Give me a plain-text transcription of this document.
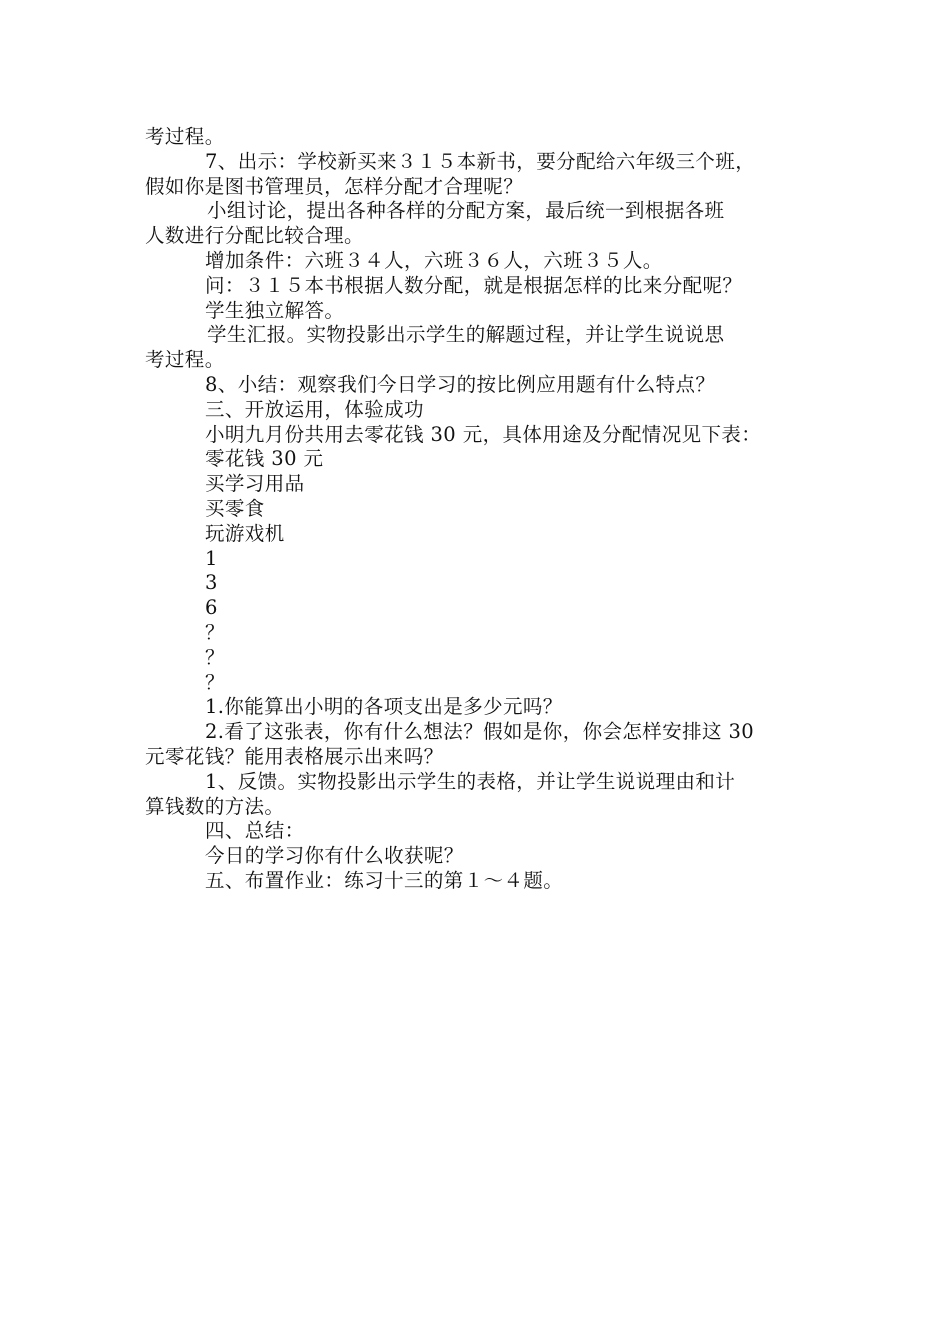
考过程。
7、出示：学校新买来３１５本新书，要分配给六年级三个班，
假如你是图书管理员，怎样分配才合理呢？
小组讨论，提出各种各样的分配方案，最后统一到根据各班
人数进行分配比较合理。
增加条件：六班３４人，六班３６人，六班３５人。
问：３１５本书根据人数分配，就是根据怎样的比来分配呢？
学生独立解答。
学生汇报。实物投影出示学生的解题过程，并让学生说说思
考过程。
8、小结：观察我们今日学习的按比例应用题有什么特点？
三、开放运用，体验成功
小明九月份共用去零花钱 30 元，具体用途及分配情况见下表：
零花钱 30 元
买学习用品
买零食
玩游戏机
1
3
6
？
？
？
1.你能算出小明的各项支出是多少元吗？
2.看了这张表，你有什么想法？假如是你，你会怎样安排这 30
元零花钱？能用表格展示出来吗？
1、反馈。实物投影出示学生的表格，并让学生说说理由和计
算钱数的方法。
四、总结：
今日的学习你有什么收获呢？
五、布置作业：练习十三的第１～４题。
